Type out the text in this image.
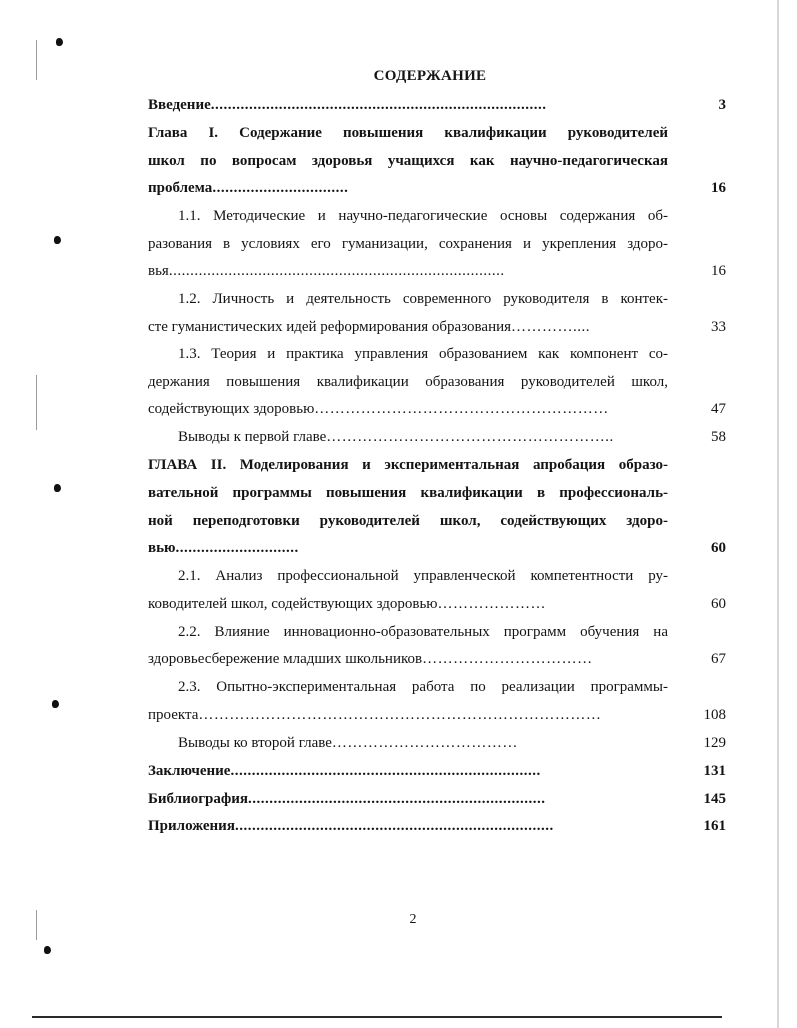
СОДЕРЖАНИЕ
Введение...............................................................................	3
Глава I. Содержание повышения квалификации руководителей
школ по вопросам здоровья учащихся как научно-педагогическая
проблема................................	16
1.1. Методические и научно-педагогические основы содержания об-
разования в условиях его гуманизации, сохранения и укрепления здоро-
вья...............................................................................	16
1.2. Личность и деятельность современного руководителя в контек-
сте гуманистических идей реформирования образования…………....	33
1.3. Теория и практика управления образованием как компонент со-
держания повышения квалификации образования руководителей школ,
содействующих здоровью…………………………………………………	47
Выводы к первой главе………………………………………………..	58
ГЛАВА II. Моделирования и экспериментальная апробация образо-
вательной программы повышения квалификации в профессиональ-
ной переподготовки руководителей школ, содействующих здоро-
вью.............................	60
2.1. Анализ профессиональной управленческой компетентности ру-
ководителей школ, содействующих здоровью…………………	60
2.2. Влияние инновационно-образовательных программ обучения на
здоровьесбережение младших школьников……………………………	67
2.3. Опытно-экспериментальная работа по реализации программы-
проекта……………………………………………………………………	108
Выводы ко второй главе………………………………	129
Заключение.........................................................................	131
Библиография......................................................................	145
Приложения...........................................................................	161
2
